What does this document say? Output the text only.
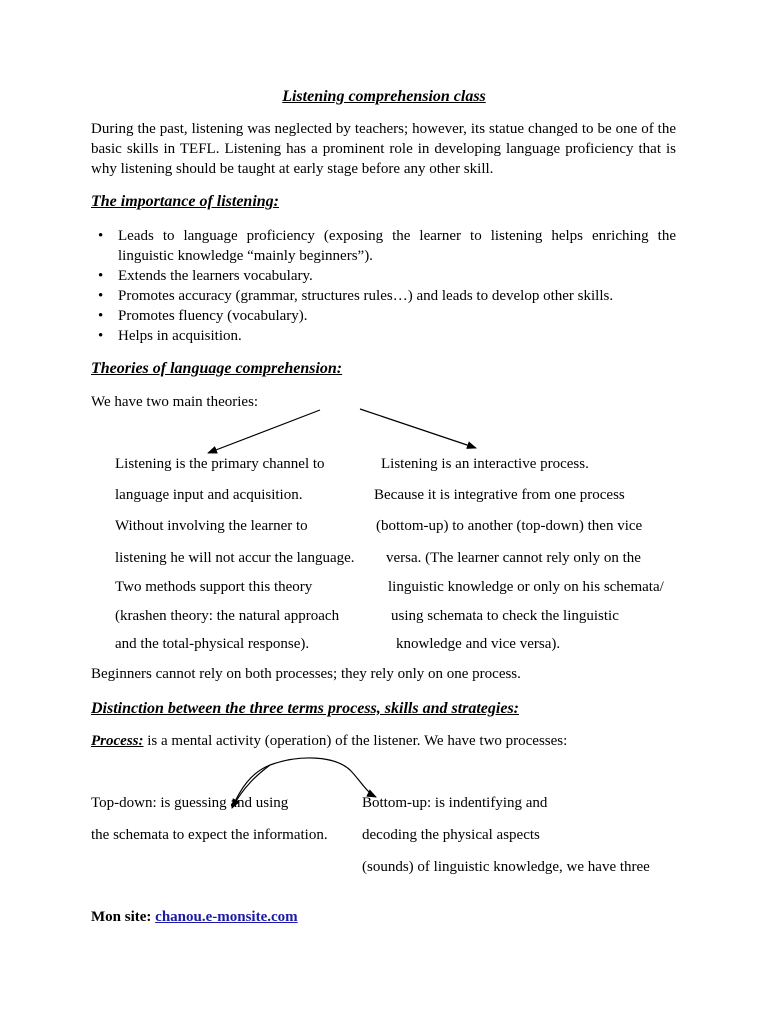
Listening comprehension class
During the past, listening was neglected by teachers; however, its statue changed to be one of the basic skills in TEFL. Listening has a prominent role in developing language proficiency that is why listening should be taught at early stage before any other skill.
The importance of listening:
• Leads to language proficiency (exposing the learner to listening helps enriching the linguistic knowledge “mainly beginners”).
• Extends the learners vocabulary.
• Promotes accuracy (grammar, structures rules…) and leads to develop other skills.
• Promotes fluency (vocabulary).
• Helps in acquisition.
Theories of language comprehension:
We have two main theories:
Listening is the primary channel to
language input and acquisition.
Without involving the learner to
listening he will not accur the language.
Two methods support this theory
(krashen theory: the natural approach
and the total-physical response).
Listening is an interactive process.
Because it is integrative from one process
(bottom-up) to another (top-down) then vice
versa. (The learner cannot rely only on the
linguistic knowledge or only on his schemata/
using schemata to check the linguistic
knowledge and vice versa).
Beginners cannot rely on both processes; they rely only on one process.
Distinction between the three terms process, skills and strategies:
Process: is a mental activity (operation) of the listener. We have two processes:
Top-down: is guessing and using
the schemata to expect the information.
Bottom-up: is indentifying and
decoding the physical aspects
(sounds) of linguistic knowledge, we have three
Mon site: chanou.e-monsite.com
